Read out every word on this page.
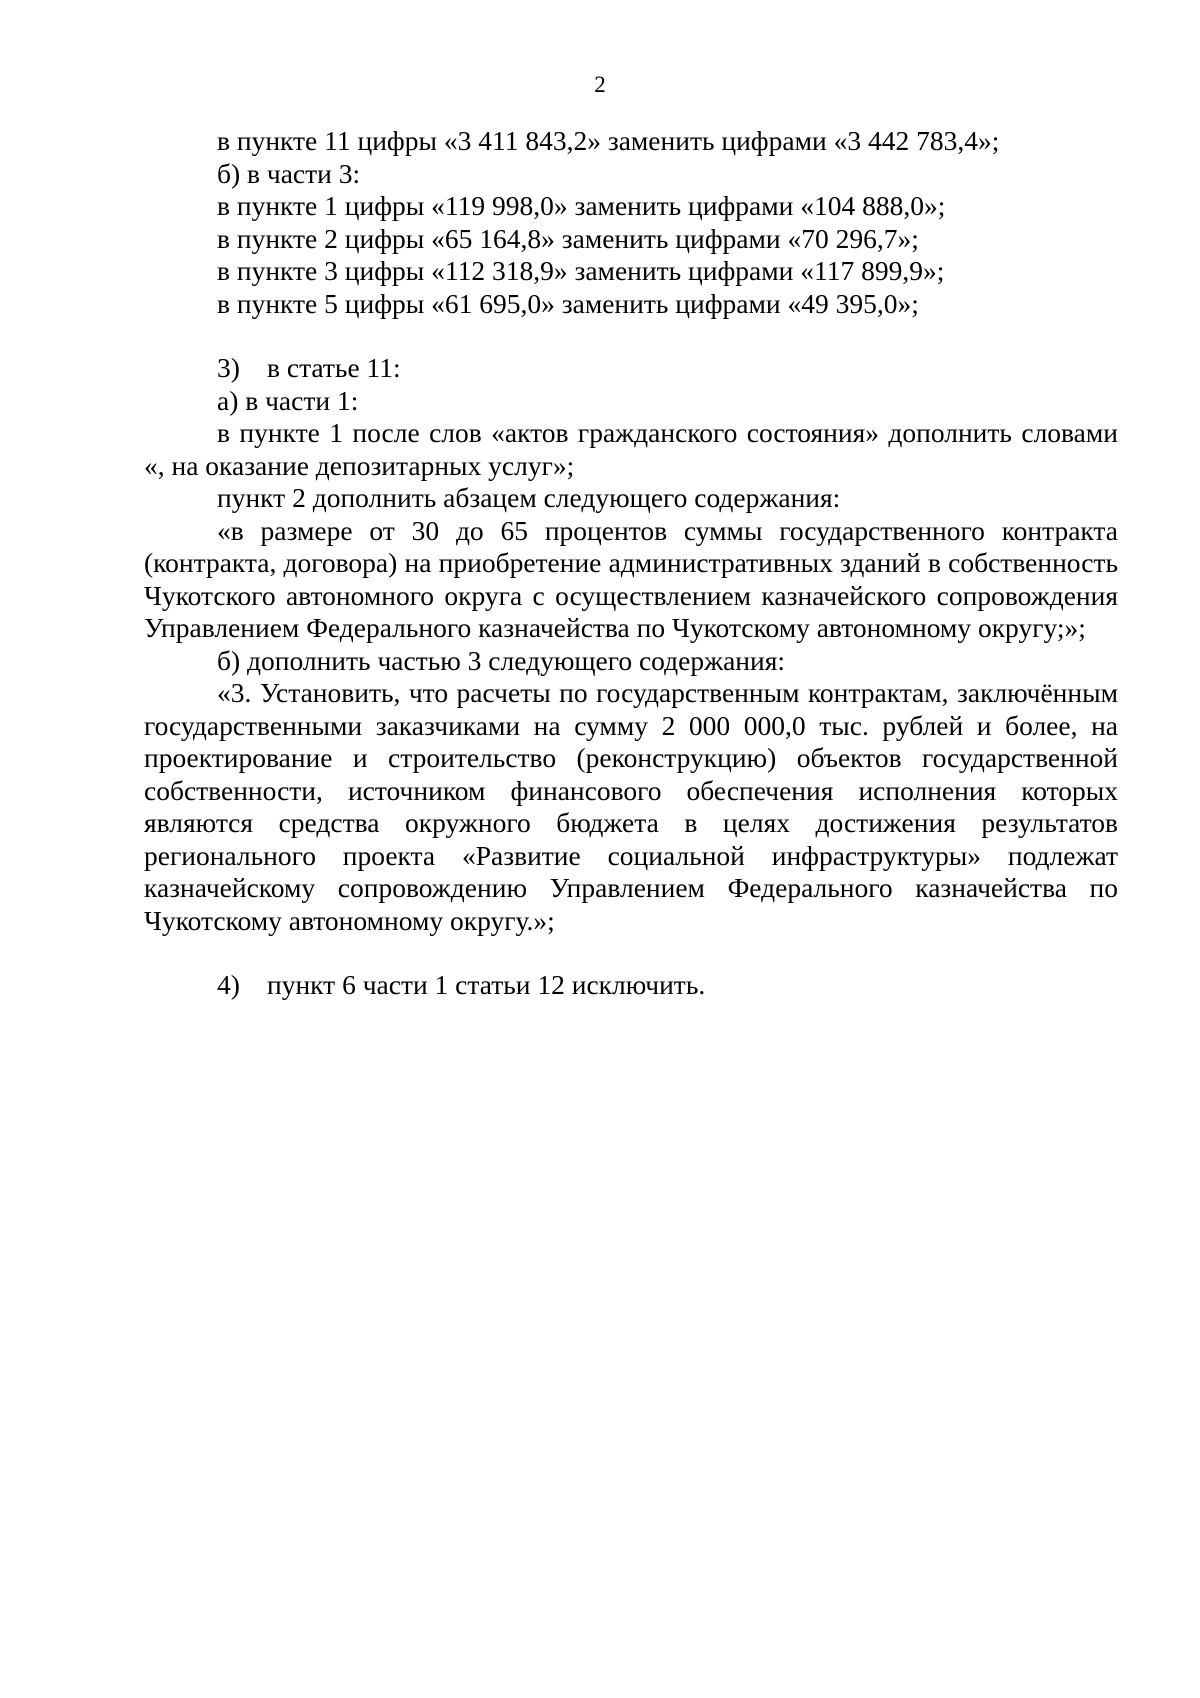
2

в пункте 11 цифры «3 411 843,2» заменить цифрами «3 442 783,4»;

б) в части 3:

в пункте 1 цифры «119 998,0» заменить цифрами «104 888,0»;

в пункте 2 цифры «65 164,8» заменить цифрами «70 296,7»;

в пункте 3 цифры «112 318,9» заменить цифрами «117 899,9»;

в пункте 5 цифры «61 695,0» заменить цифрами «49 395,0»;

3) в статье 11:

а) в части 1:

в пункте 1 после слов «актов гражданского состояния» дополнить словами «, на оказание депозитарных услуг»;

пункт 2 дополнить абзацем следующего содержания:

«в размере от 30 до 65 процентов суммы государственного контракта (контракта, договора) на приобретение административных зданий в собственность Чукотского автономного округа с осуществлением казначейского сопровождения Управлением Федерального казначейства по Чукотскому автономному округу;»;

б) дополнить частью 3 следующего содержания:

«3. Установить, что расчеты по государственным контрактам, заключённым государственными заказчиками на сумму 2 000 000,0 тыс. рублей и более, на проектирование и строительство (реконструкцию) объектов государственной собственности, источником финансового обеспечения исполнения которых являются средства окружного бюджета в целях достижения результатов регионального проекта «Развитие социальной инфраструктуры» подлежат казначейскому сопровождению Управлением Федерального казначейства по Чукотскому автономному округу.»;

4) пункт 6 части 1 статьи 12 исключить.
